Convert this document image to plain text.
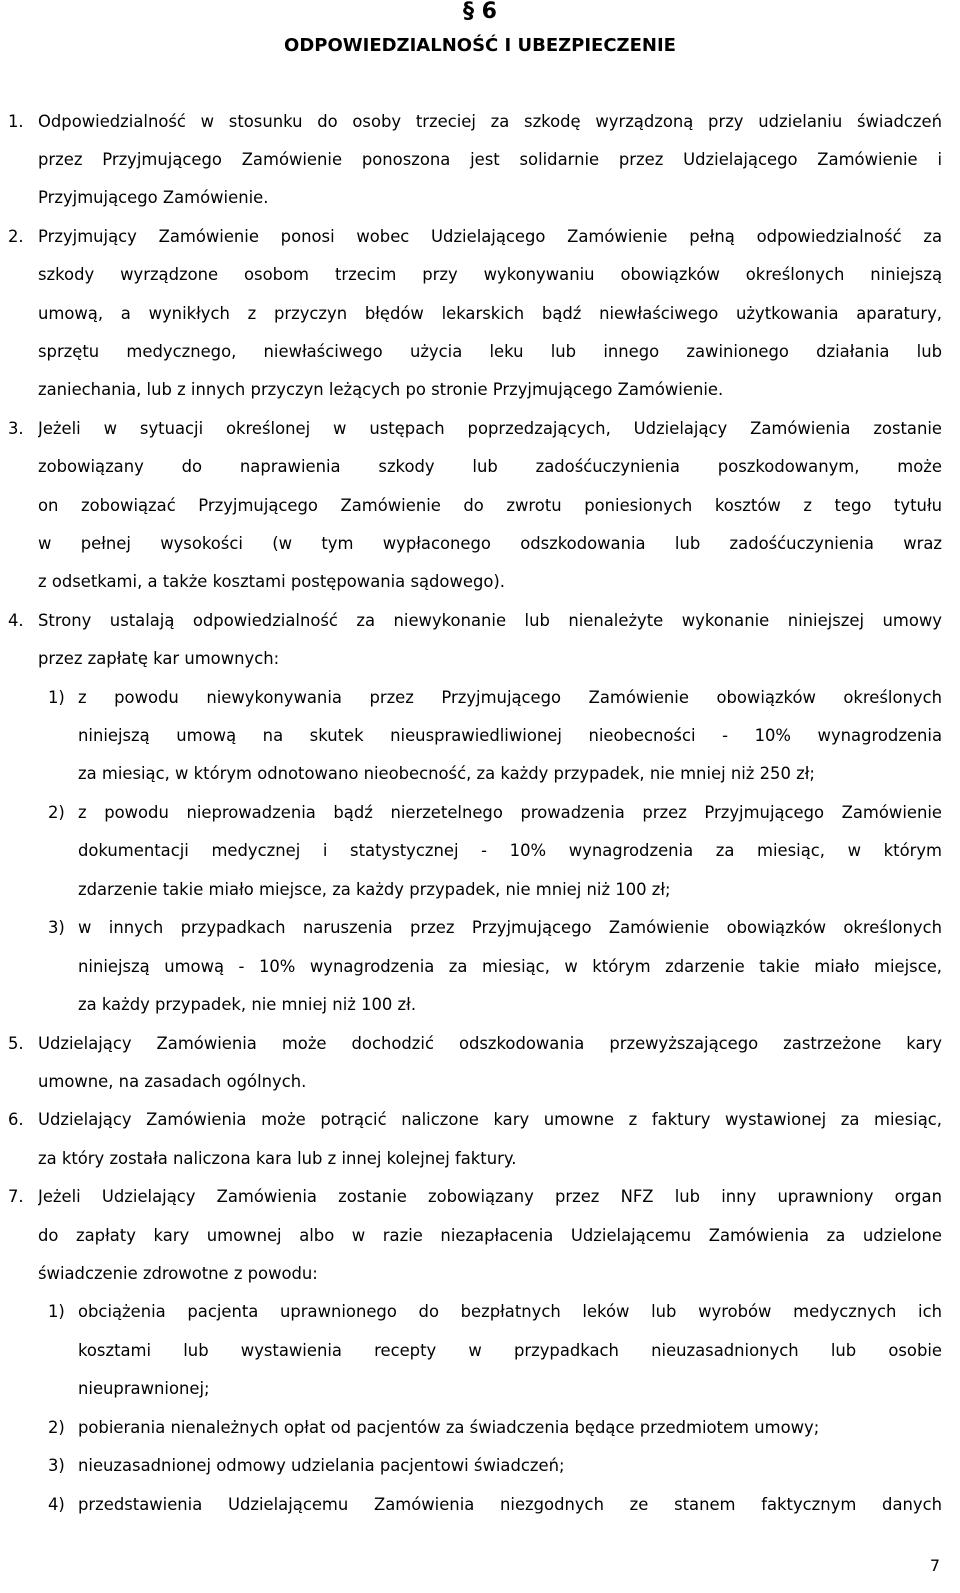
§ 6
ODPOWIEDZIALNOŚĆ I UBEZPIECZENIE
1. Odpowiedzialność w stosunku do osoby trzeciej za szkodę wyrządzoną przy udzielaniu świadczeń
przez Przyjmującego Zamówienie ponoszona jest solidarnie przez Udzielającego Zamówienie i
Przyjmującego Zamówienie.
2. Przyjmujący Zamówienie ponosi wobec Udzielającego Zamówienie pełną odpowiedzialność za
szkody wyrządzone osobom trzecim przy wykonywaniu obowiązków określonych niniejszą
umową, a wynikłych z przyczyn błędów lekarskich bądź niewłaściwego użytkowania aparatury,
sprzętu medycznego, niewłaściwego użycia leku lub innego zawinionego działania lub
zaniechania, lub z innych przyczyn leżących po stronie Przyjmującego Zamówienie.
3. Jeżeli w sytuacji określonej w ustępach poprzedzających, Udzielający Zamówienia zostanie
zobowiązany do naprawienia szkody lub zadośćuczynienia poszkodowanym, może
on zobowiązać Przyjmującego Zamówienie do zwrotu poniesionych kosztów z tego tytułu
w pełnej wysokości (w tym wypłaconego odszkodowania lub zadośćuczynienia wraz
z odsetkami, a także kosztami postępowania sądowego).
4. Strony ustalają odpowiedzialność za niewykonanie lub nienależyte wykonanie niniejszej umowy
przez zapłatę kar umownych:
1) z powodu niewykonywania przez Przyjmującego Zamówienie obowiązków określonych
niniejszą umową na skutek nieusprawiedliwionej nieobecności - 10% wynagrodzenia
za miesiąc, w którym odnotowano nieobecność, za każdy przypadek, nie mniej niż 250 zł;
2) z powodu nieprowadzenia bądź nierzetelnego prowadzenia przez Przyjmującego Zamówienie
dokumentacji medycznej i statystycznej - 10% wynagrodzenia za miesiąc, w którym
zdarzenie takie miało miejsce, za każdy przypadek, nie mniej niż 100 zł;
3) w innych przypadkach naruszenia przez Przyjmującego Zamówienie obowiązków określonych
niniejszą umową - 10% wynagrodzenia za miesiąc, w którym zdarzenie takie miało miejsce,
za każdy przypadek, nie mniej niż 100 zł.
5. Udzielający Zamówienia może dochodzić odszkodowania przewyższającego zastrzeżone kary
umowne, na zasadach ogólnych.
6. Udzielający Zamówienia może potrącić naliczone kary umowne z faktury wystawionej za miesiąc,
za który została naliczona kara lub z innej kolejnej faktury.
7. Jeżeli Udzielający Zamówienia zostanie zobowiązany przez NFZ lub inny uprawniony organ
do zapłaty kary umownej albo w razie niezapłacenia Udzielającemu Zamówienia za udzielone
świadczenie zdrowotne z powodu:
1) obciążenia pacjenta uprawnionego do bezpłatnych leków lub wyrobów medycznych ich
kosztami lub wystawienia recepty w przypadkach nieuzasadnionych lub osobie
nieuprawnionej;
2) pobierania nienależnych opłat od pacjentów za świadczenia będące przedmiotem umowy;
3) nieuzasadnionej odmowy udzielania pacjentowi świadczeń;
4) przedstawienia Udzielającemu Zamówienia niezgodnych ze stanem faktycznym danych
7
